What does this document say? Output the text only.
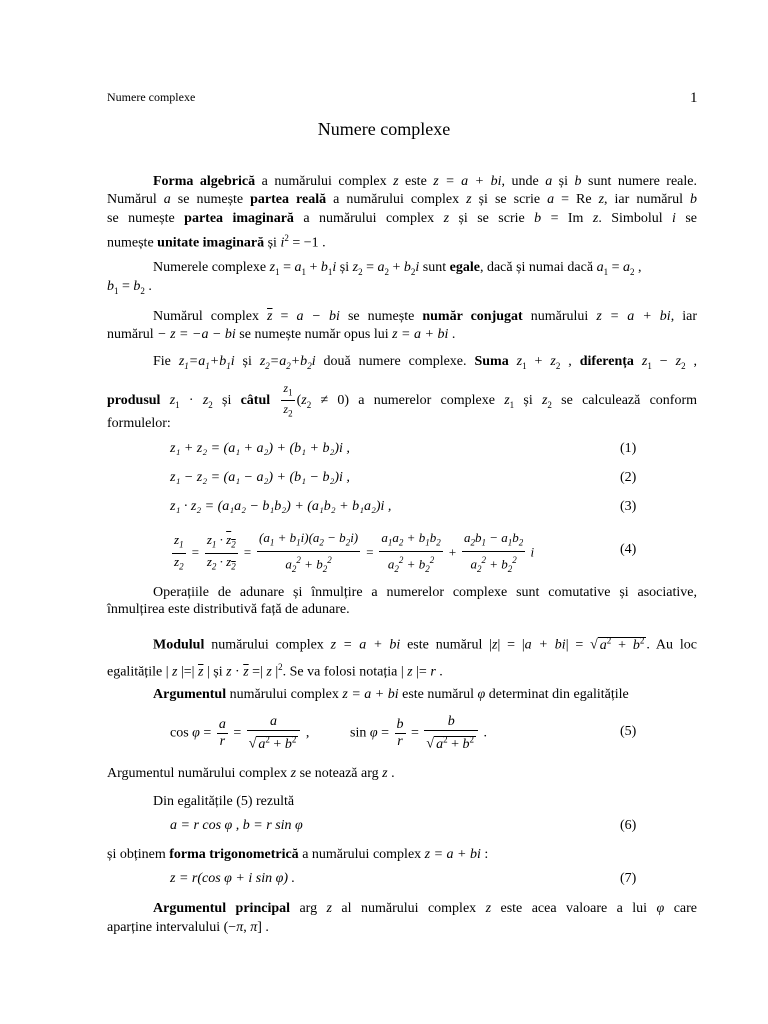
Numere complexe	1
Numere complexe
Forma algebrică a numărului complex z este z = a + bi, unde a și b sunt numere reale.
Numărul a se numește partea reală a numărului complex z și se scrie a = Re z, iar numărul b
se numește partea imaginară a numărului complex z și se scrie b = Im z. Simbolul i se
numește unitate imaginară și $i^2 = -1$ .
Numerele complexe $z_1 = a_1 + b_1i$ și $z_2 = a_2 + b_2i$ sunt egale, dacă și numai dacă $a_1 = a_2$ ,
$b_1 = b_2$ .
Numărul complex $\overline{z} = a$ − bi se numește număr conjugat numărului z = a + bi, iar
numărul − z = −a − bi se numește număr opus lui z = a + bi .
Fie $z_1=a_1+b_1i$ și $z_2=a_2+b_2i$ două numere complexe. Suma $z_1 + z_2$ , diferența $z_1 - z_2$ ,
produsul $z_1 \cdot z_2$ și câtul $\frac{z_1}{z_2} (z_2 \ne 0)$ a numerelor complexe $z_1$ și $z_2$ se calculează conform
formulelor:
z₁ + z₂ = (a₁ + a₂) + (b₁ + b₂)i ,	(1)
z₁ − z₂ = (a₁ − a₂) + (b₁ − b₂)i ,	(2)
z₁ · z₂ = (a₁a₂ − b₁b₂) + (a₁b₂ + b₁a₂)i ,	(3)
$\frac{z_1}{z_2} = \frac{z_1 \cdot z_2}{z_2 \cdot z_2} = \frac{(a_1 + b_1i)(a_2 - b_2i)}{a_2^2 + b_2^2} = \frac{a_1a_2 + b_1b_2}{a_2^2 + b_2^2} + \frac{a_2b_1 - a_1b_2}{a_2^2 + b_2^2}$ i	(4)
Operațiile de adunare și înmulțire a numerelor complexe sunt comutative și asociative,
înmulțirea este distributivă față de adunare.
Modulul numărului complex z = a + bi este numărul |z| = |a + bi| = √ $a^2 + b^2$ . Au loc
egalitățile | z |=| $\overline{z}$ | și $z \cdot \overline{z}$ =| z $|^2$. Se va folosi notația | z |= r .
Argumentul numărului complex z = a + bi este numărul φ determinat din egalitățile
$\cos \varphi = \frac{a}{r} = \frac{a}{√ a^2 + b^2}$ ,	$\sin \varphi = \frac{b}{r} = \frac{b}{√ a^2 + b^2}$ .	(5)
Argumentul numărului complex z se notează arg z .
Din egalitățile (5) rezultă
a = r cos φ , b = r sin φ	(6)
și obținem forma trigonometrică a numărului complex z = a + bi :
z = r(cos φ + i sin φ) .	(7)
Argumentul principal arg z al numărului complex z este acea valoare a lui φ care
aparține intervalului (−π, π] .
